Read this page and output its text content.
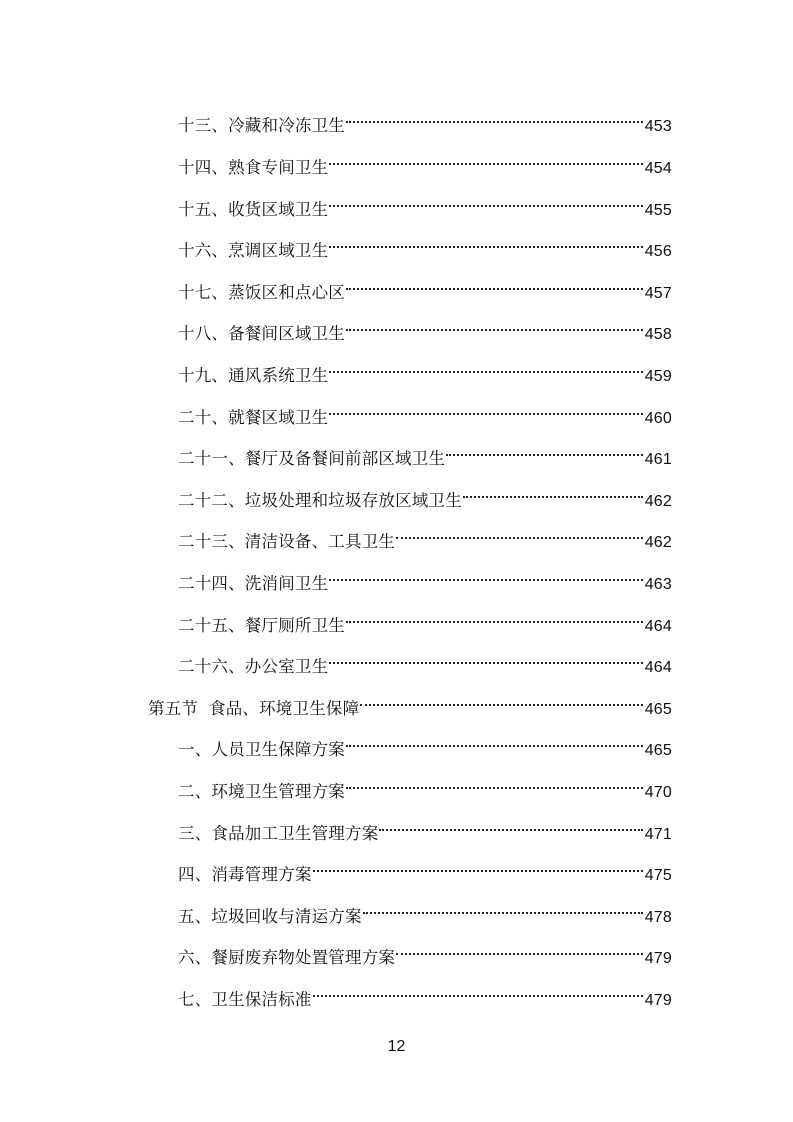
十三、冷藏和冷冻卫生	453
十四、熟食专间卫生	454
十五、收货区域卫生	455
十六、烹调区域卫生	456
十七、蒸饭区和点心区	457
十八、备餐间区域卫生	458
十九、通风系统卫生	459
二十、就餐区域卫生	460
二十一、餐厅及备餐间前部区域卫生	461
二十二、垃圾处理和垃圾存放区域卫生	462
二十三、清洁设备、工具卫生	462
二十四、洗消间卫生	463
二十五、餐厅厕所卫生	464
二十六、办公室卫生	464
第五节  食品、环境卫生保障	465
一、人员卫生保障方案	465
二、环境卫生管理方案	470
三、食品加工卫生管理方案	471
四、消毒管理方案	475
五、垃圾回收与清运方案	478
六、餐厨废弃物处置管理方案	479
七、卫生保洁标准	479
12
